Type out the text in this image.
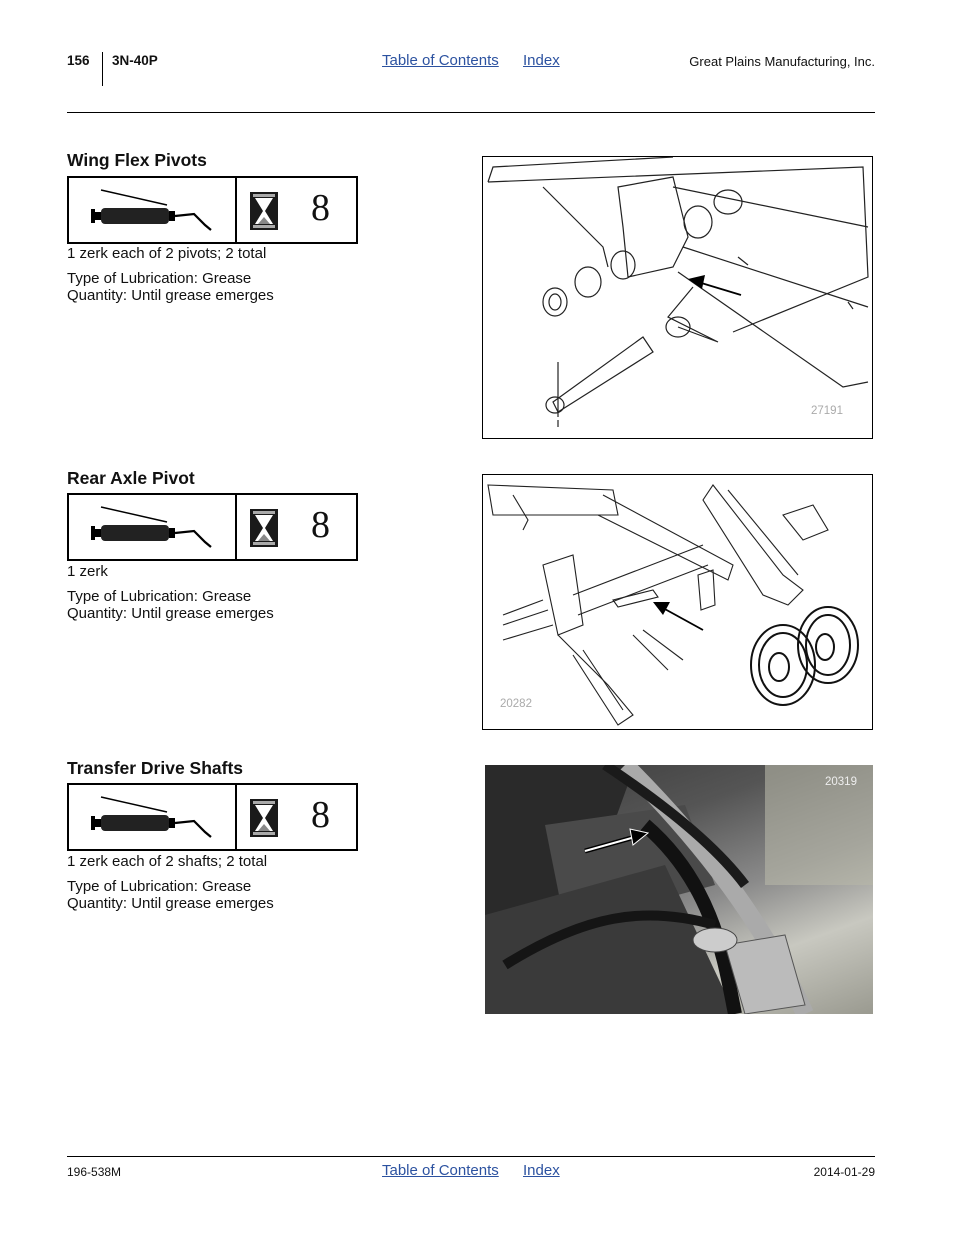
156 3N-40P	Table of Contents Index	Great Plains Manufacturing, Inc.
Wing Flex Pivots
8
1 zerk each of 2 pivots; 2 total
Type of Lubrication: Grease
Quantity: Until grease emerges
27191
Rear Axle Pivot
8
1 zerk
Type of Lubrication: Grease
Quantity: Until grease emerges
20282
Transfer Drive Shafts
8
1 zerk each of 2 shafts; 2 total
Type of Lubrication: Grease
Quantity: Until grease emerges
20319
196-538M	Table of Contents Index	2014-01-29
